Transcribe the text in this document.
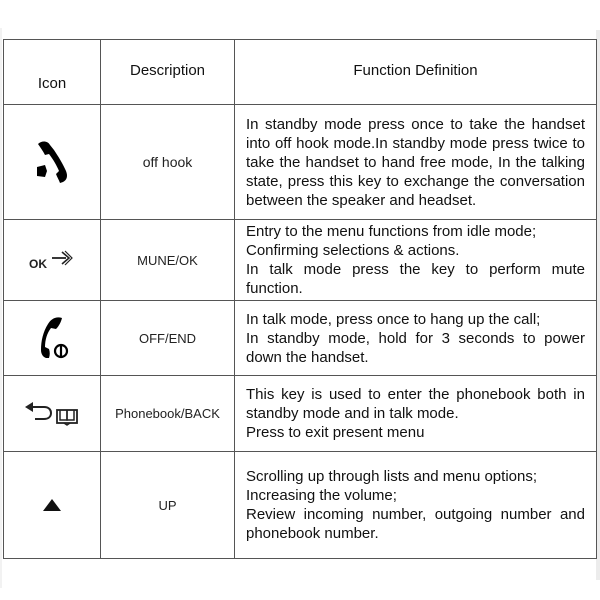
Icon	Description	Function Definition
	off hook	In standby mode press once to take the handset into off hook mode.In standby mode press twice to take the handset to hand free mode, In the talking state, press this key to exchange the conversation between the speaker and headset.

OK	MUNE/OK	Entry to the menu functions from idle mode;
Confirming selections & actions.
In talk mode press the key to perform mute function.

	OFF/END	In talk mode, press once to hang up the call;
In standby mode, hold for 3 seconds to power down the handset.

	Phonebook/BACK	This key is used to enter the phonebook both in standby mode and in talk mode.
Press to exit present menu

	UP	Scrolling up through lists and menu options;
Increasing the volume;
Review incoming number, outgoing number and phonebook number.
